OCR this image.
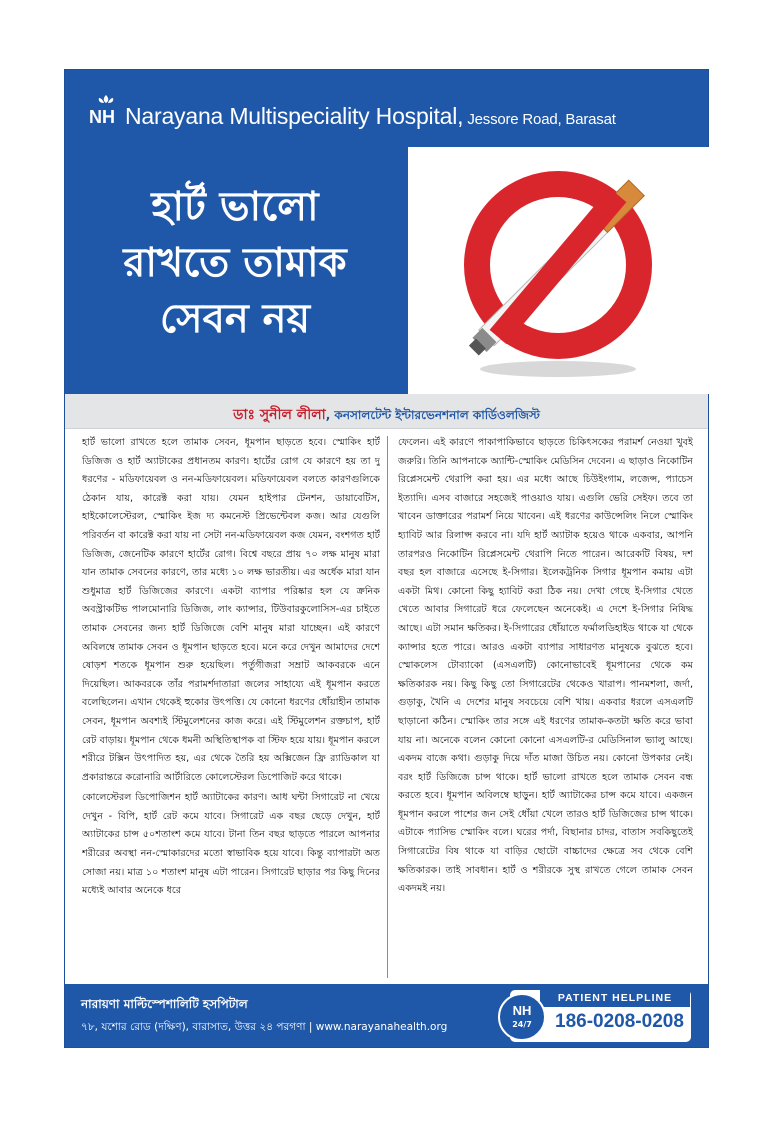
NH Narayana Multispeciality Hospital, Jessore Road, Barasat
হার্ট ভালো
রাখতে তামাক
সেবন নয়
ডাঃ সুনীল লীলা, কনসালটেন্ট ইন্টারভেনশনাল কার্ডিওলজিস্ট

হার্ট ভালো রাখতে হলে তামাক সেবন, ধূমপান ছাড়তে হবে। স্মোকিং হার্ট ডিজিজ ও হার্ট অ্যাটাকের প্রধানতম কারণ। হার্টের রোগ যে কারণে হয় তা দু ধরণের - মডিফায়েবল ও নন-মডিফায়েবল। মডিফায়েবল বলতে কারণগুলিকে ঠেকান যায়, কারেক্ট করা যায়। যেমন হাইপার টেনশন, ডায়াবেটিস, হাইকোলেস্টেরল, স্মোকিং ইজ দ্য কমনেস্ট প্রিভেন্টেবল কজ। আর যেগুলি পরিবর্তন বা কারেক্ট করা যায় না সেটা নন-মডিফায়েবল কজ যেমন, বংশগত হার্ট ডিজিজ, জেনেটিক কারণে হার্টের রোগ। বিশ্বে বছরে প্রায় ৭০ লক্ষ মানুষ মারা যান তামাক সেবনের কারণে, তার মধ্যে ১০ লক্ষ ভারতীয়। এর অর্ধেক মারা যান শুধুমাত্র হার্ট ডিজিজের কারণে। একটা ব্যাপার পরিষ্কার হল যে ক্রনিক অবস্ট্রাকটিভ পালমোনারি ডিজিজ, লাং ক্যান্সার, টিউবারকুলোসিস-এর চাইতে তামাক সেবনের জন্য হার্ট ডিজিজে বেশি মানুষ মারা যাচ্ছেন। এই কারণে অবিলম্বে তামাক সেবন ও ধূমপান ছাড়তে হবে। মনে করে দেখুন আমাদের দেশে ষোড়শ শতকে ধূমপান শুরু হয়েছিল। পর্তুগীজরা সম্রাট আকবরকে এনে দিয়েছিল। আকবরকে তাঁর পরামর্শদাতারা জলের সাহায্যে এই ধূমপান করতে বলেছিলেন। এখান থেকেই হুকোর উৎপত্তি। যে কোনো ধরণের ধোঁয়াহীন তামাক সেবন, ধূমপান অবশ্যই স্টিমুলেশনের কাজ করে। এই স্টিমুলেশন রক্তচাপ, হার্ট রেট বাড়ায়। ধূমপান থেকে ধমনী অস্থিতিস্থাপক বা স্টিফ হয়ে যায়। ধূমপান করলে শরীরে টক্সিন উৎপাদিত হয়, এর থেকে তৈরি হয় অক্সিজেন ফ্রি র‍্যাডিকাল যা প্রকারান্তরে করোনারি আর্টারিতে কোলেস্টেরল ডিপোজিট করে থাকে।

কোলেস্টেরল ডিপোজিশন হার্ট অ্যাটাকের কারণ। আধ ঘন্টা সিগারেট না খেয়ে দেখুন - বিপি, হার্ট রেট কমে যাবে। সিগারেট এক বছর ছেড়ে দেখুন, হার্ট অ্যাটাকের চান্স ৫০শতাংশ কমে যাবে। টানা তিন বছর ছাড়তে পারলে আপনার শরীরের অবস্থা নন-স্মোকারদের মতো স্বাভাবিক হয়ে যাবে। কিন্তু ব্যাপারটা অত সোজা নয়। মাত্র ১০ শতাংশ মানুষ এটা পারেন। সিগারেট ছাড়ার পর কিছু দিনের মধ্যেই আবার অনেকে ধরে

ফেলেন। এই কারণে পাকাপাকিভাবে ছাড়তে চিকিৎসকের পরামর্শ নেওয়া খুবই জরুরি। তিনি আপনাকে অ্যান্টি-স্মোকিং মেডিসিন দেবেন। এ ছাড়াও নিকোটিন রিপ্লেসমেন্ট থেরাপি করা হয়। এর মধ্যে আছে চিউইংগাম, লজেন্স, প্যাচেস ইত্যাদি। এসব বাজারে সহজেই পাওয়াও যায়। এগুলি ভেরি সেইফ। তবে তা খাবেন ডাক্তারের পরামর্শ নিয়ে খাবেন। এই ধরণের কাউন্সেলিং নিলে স্মোকিং হ্যাবিট আর রিলাপ্স করবে না। যদি হার্ট অ্যাটাক হয়েও থাকে একবার, আপনি তারপরও নিকোটিন রিপ্লেসমেন্ট থেরাপি নিতে পারেন। আরেকটি বিষয়, দশ বছর হল বাজারে এসেছে ই-সিগার। ইলেকট্রনিক সিগার ধূমপান কমায় এটা একটা মিথ। কোনো কিছু হ্যাবিট করা ঠিক নয়। দেখা গেছে ই-সিগার খেতে খেতে আবার সিগারেট ধরে ফেলেছেন অনেকেই। এ দেশে ই-সিগার নিষিদ্ধ আছে। এটা সমান ক্ষতিকর। ই-সিগারের ধোঁয়াতে ফর্মালডিহাইড থাকে যা থেকে ক্যান্সার হতে পারে। আরও একটা ব্যাপার সাধারণত মানুষকে বুঝতে হবে। স্মোকলেস টোব্যাকো (এসএলটি) কোনোভাবেই ধূমপানের থেকে কম ক্ষতিকারক নয়। কিছু কিছু তো সিগারেটের থেকেও খারাপ। পানমশলা, জর্দা, গুড়াকু, খৈনি এ দেশের মানুষ সবচেয়ে বেশি খায়। একবার ধরলে এসএলটি ছাড়ানো কঠিন। স্মোকিং তার সঙ্গে এই ধরণের তামাক-কতটা ক্ষতি করে ভাবা যায় না। অনেকে বলেন কোনো কোনো এসএলটি-র মেডিসিনাল ভ্যালু আছে। একদম বাজে কথা। গুড়াকু দিয়ে দাঁত মাজা উচিত নয়। কোনো উপকার নেই। বরং হার্ট ডিজিজে চান্স থাকে। হার্ট ভালো রাখতে হলে তামাক সেবন বন্ধ করতে হবে। ধূমপান অবিলম্বে ছাড়ুন। হার্ট অ্যাটাকের চান্স কমে যাবে। একজন ধূমপান করলে পাশের জন সেই ধোঁয়া খেলে তারও হার্ট ডিজিজের চান্স থাকে। এটাকে প্যাসিভ স্মোকিং বলে। ঘরের পর্দা, বিছানার চাদর, বাতাস সবকিছুতেই সিগারেটের বিষ থাকে যা বাড়ির ছোটো বাচ্চাদের ক্ষেত্রে সব থেকে বেশি ক্ষতিকারক। তাই সাবধান। হার্ট ও শরীরকে সুস্থ রাখতে গেলে তামাক সেবন একদমই নয়।

নারায়ণা মাল্টিস্পেশালিটি হসপিটাল
৭৮, যশোর রোড (দক্ষিণ), বারাসাত, উত্তর ২৪ পরগণা | www.narayanahealth.org
PATIENT HELPLINE
186-0208-0208
NH
24/7
